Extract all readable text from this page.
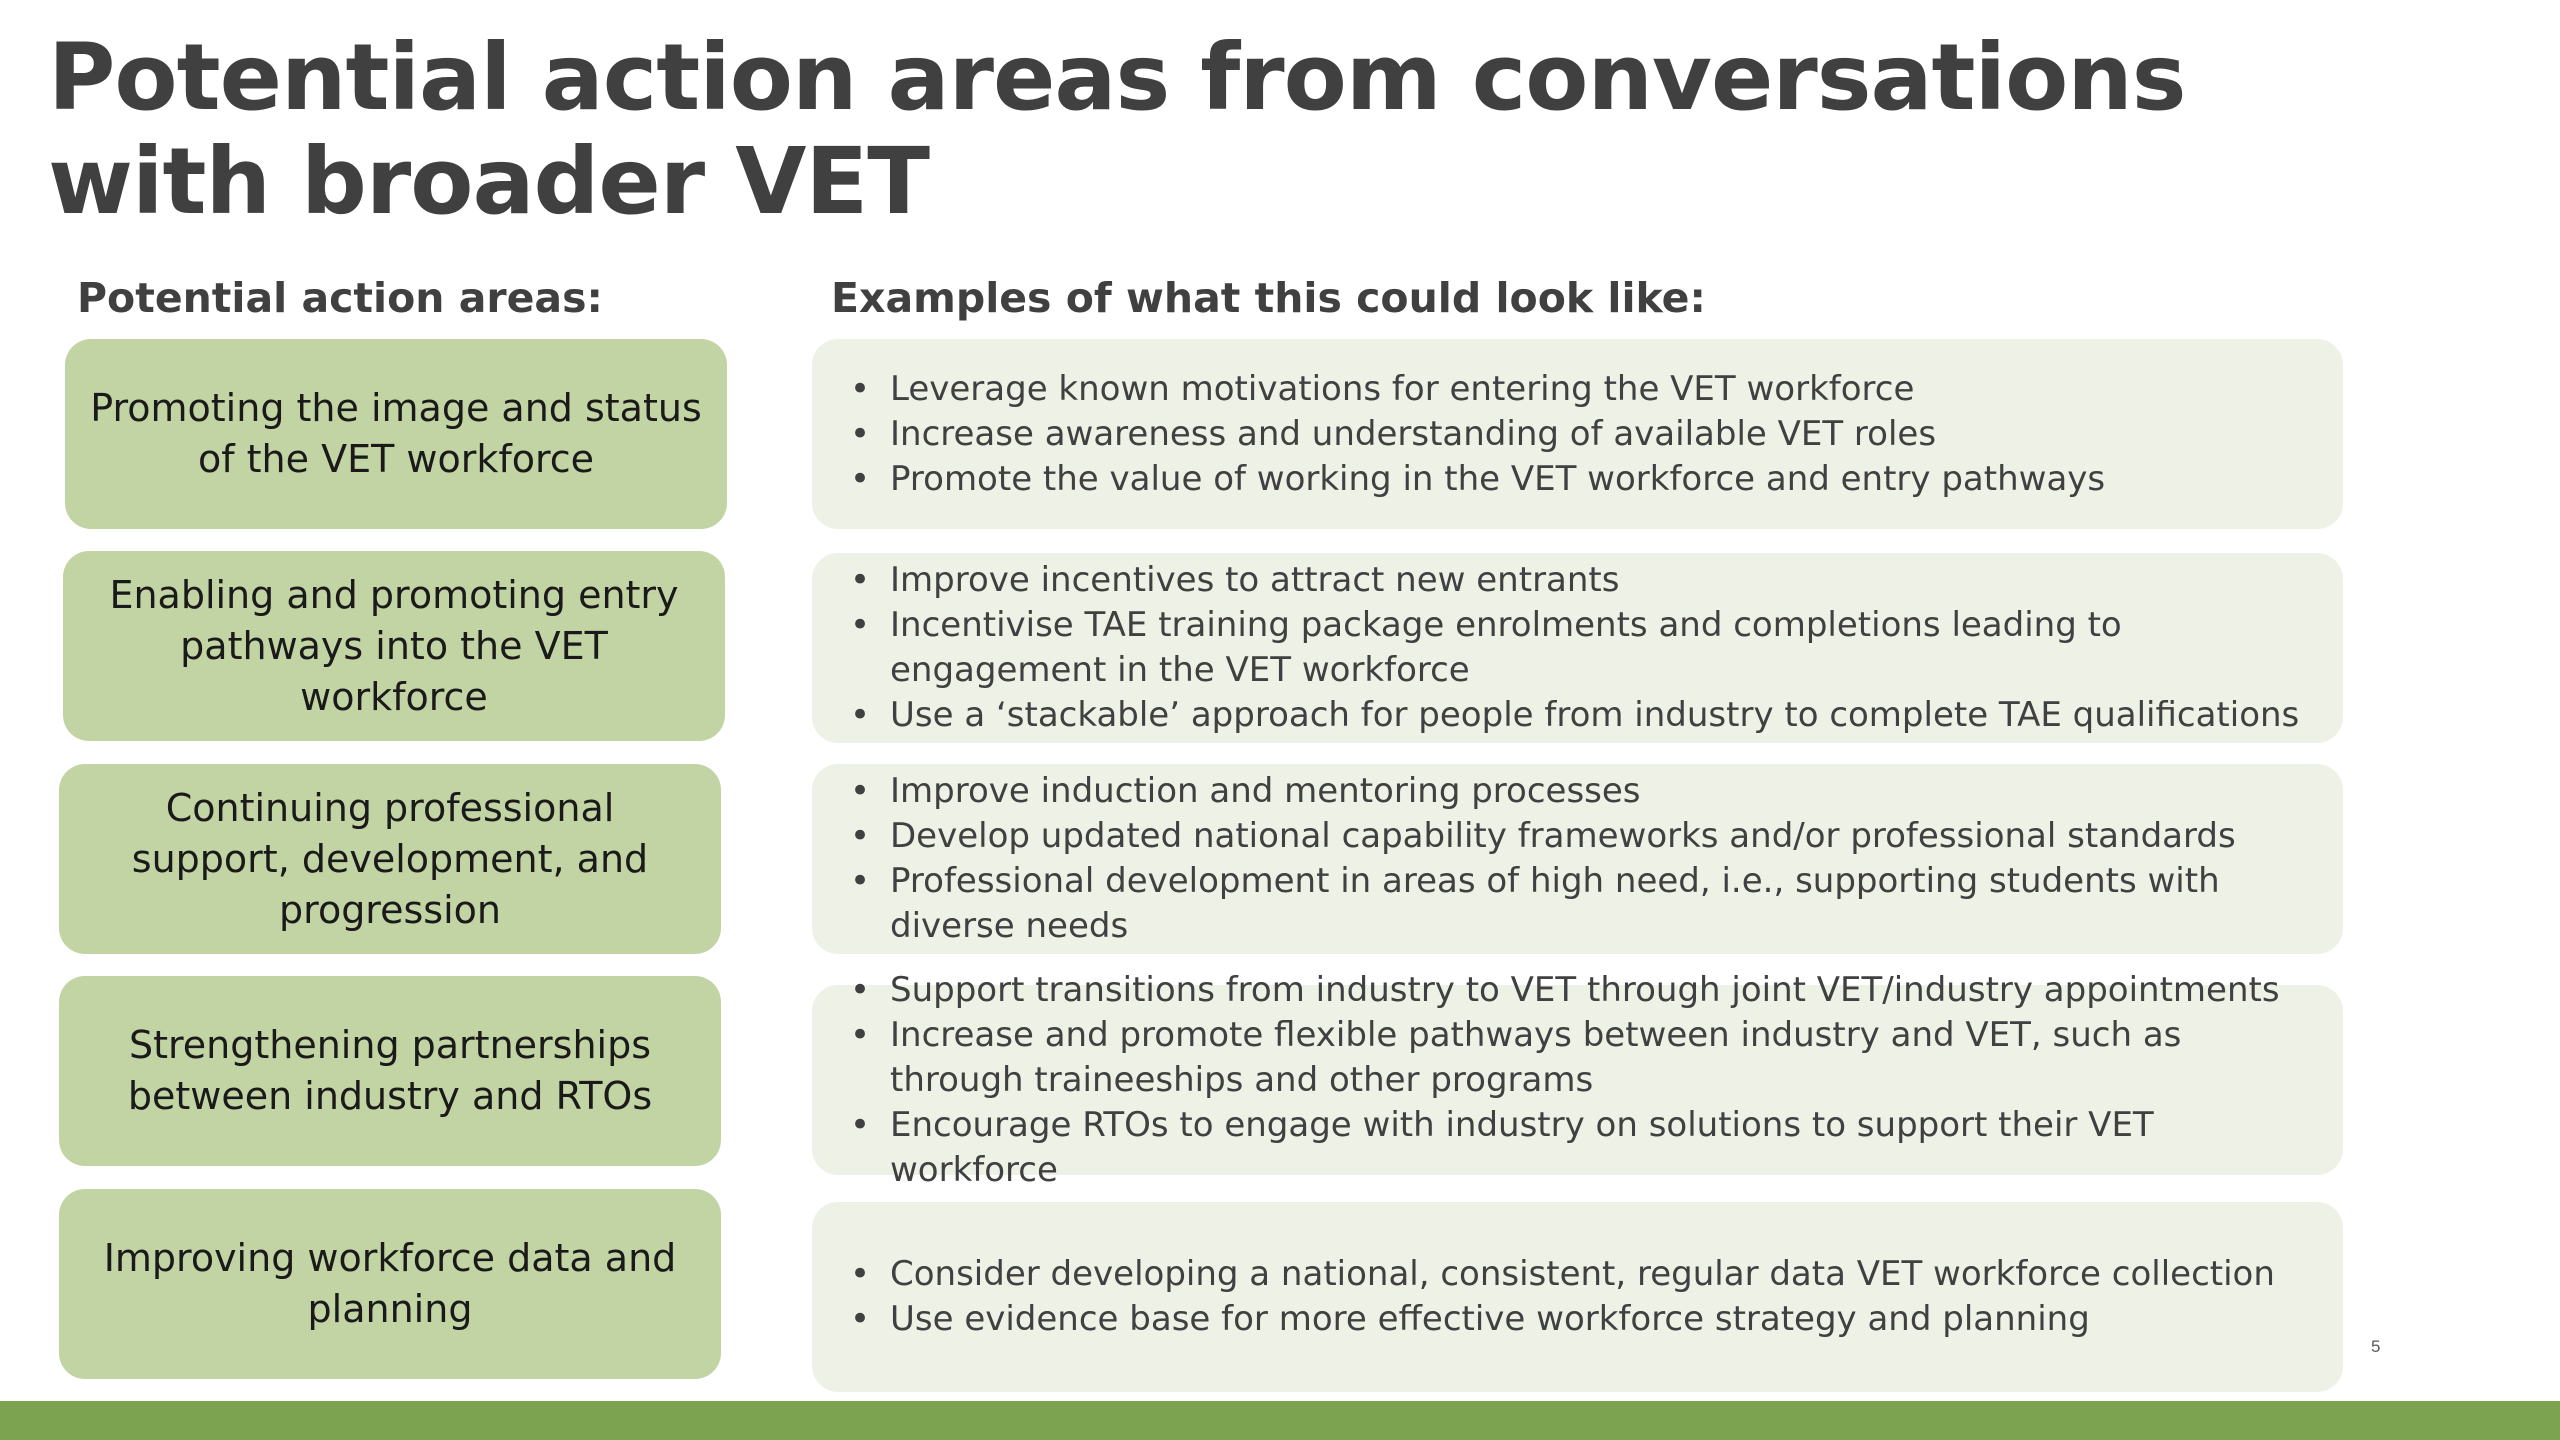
Potential action areas from conversations with broader VET
Potential action areas:	Examples of what this could look like:
Promoting the image and status of the VET workforce
• Leverage known motivations for entering the VET workforce
• Increase awareness and understanding of available VET roles
• Promote the value of working in the VET workforce and entry pathways
Enabling and promoting entry pathways into the VET workforce
• Improve incentives to attract new entrants
• Incentivise TAE training package enrolments and completions leading to engagement in the VET workforce
• Use a ‘stackable’ approach for people from industry to complete TAE qualifications
Continuing professional support, development, and progression
• Improve induction and mentoring processes
• Develop updated national capability frameworks and/or professional standards
• Professional development in areas of high need, i.e., supporting students with diverse needs
Strengthening partnerships between industry and RTOs
• Support transitions from industry to VET through joint VET/industry appointments
• Increase and promote flexible pathways between industry and VET, such as through traineeships and other programs
• Encourage RTOs to engage with industry on solutions to support their VET workforce
Improving workforce data and planning
• Consider developing a national, consistent, regular data VET workforce collection
• Use evidence base for more effective workforce strategy and planning
5
